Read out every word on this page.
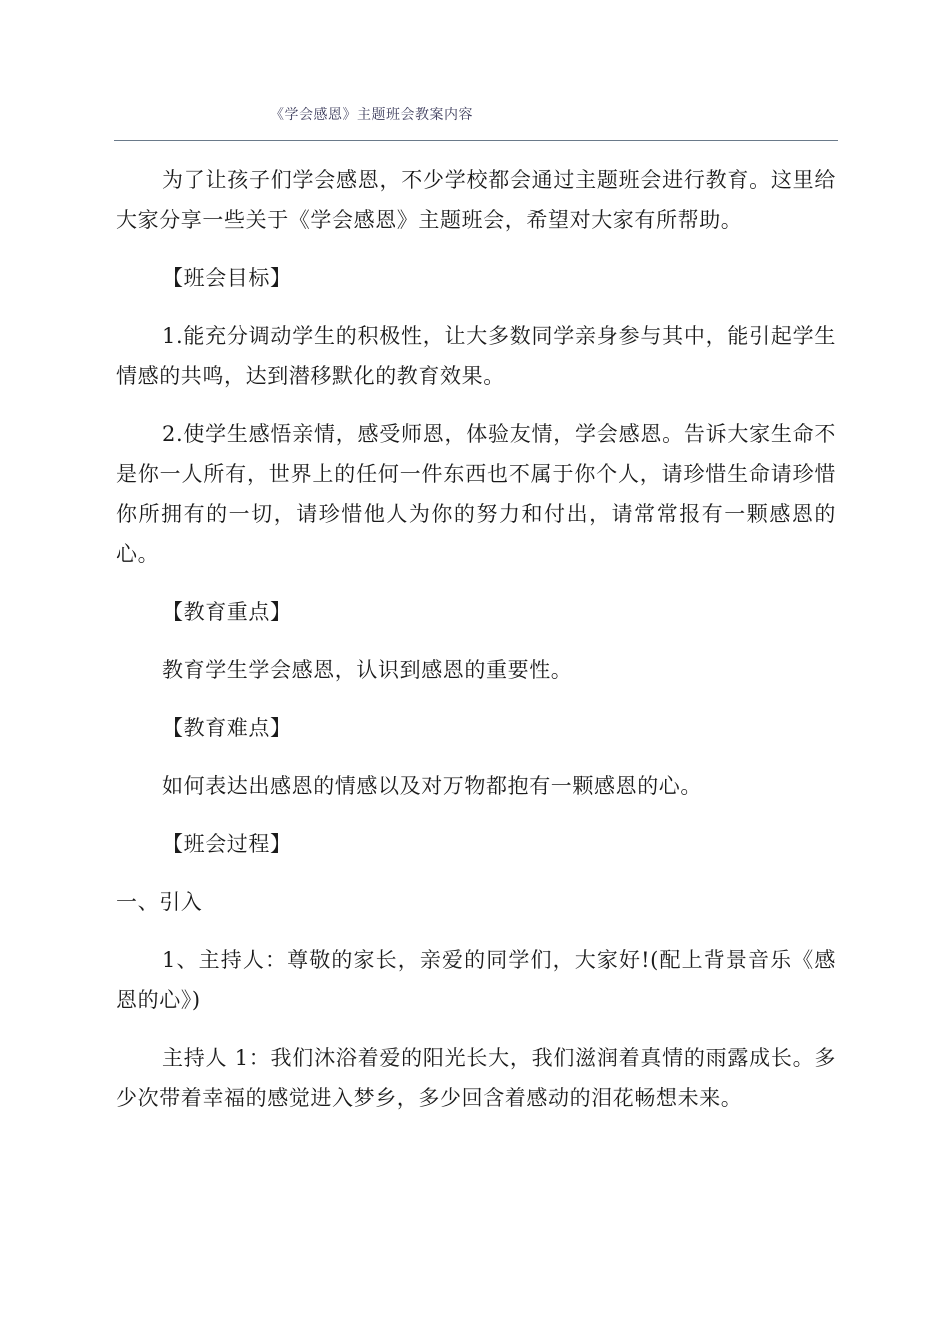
《学会感恩》主题班会教案内容

为了让孩子们学会感恩，不少学校都会通过主题班会进行教育。这里给大家分享一些关于《学会感恩》主题班会，希望对大家有所帮助。

【班会目标】

1.能充分调动学生的积极性，让大多数同学亲身参与其中，能引起学生情感的共鸣，达到潜移默化的教育效果。

2.使学生感悟亲情，感受师恩，体验友情，学会感恩。告诉大家生命不是你一人所有，世界上的任何一件东西也不属于你个人，请珍惜生命请珍惜你所拥有的一切，请珍惜他人为你的努力和付出，请常常报有一颗感恩的心。

【教育重点】

教育学生学会感恩，认识到感恩的重要性。

【教育难点】

如何表达出感恩的情感以及对万物都抱有一颗感恩的心。

【班会过程】

一、引入

1、主持人：尊敬的家长，亲爱的同学们，大家好!(配上背景音乐《感恩的心》)

主持人 1：我们沐浴着爱的阳光长大，我们滋润着真情的雨露成长。多少次带着幸福的感觉进入梦乡，多少回含着感动的泪花畅想未来。
